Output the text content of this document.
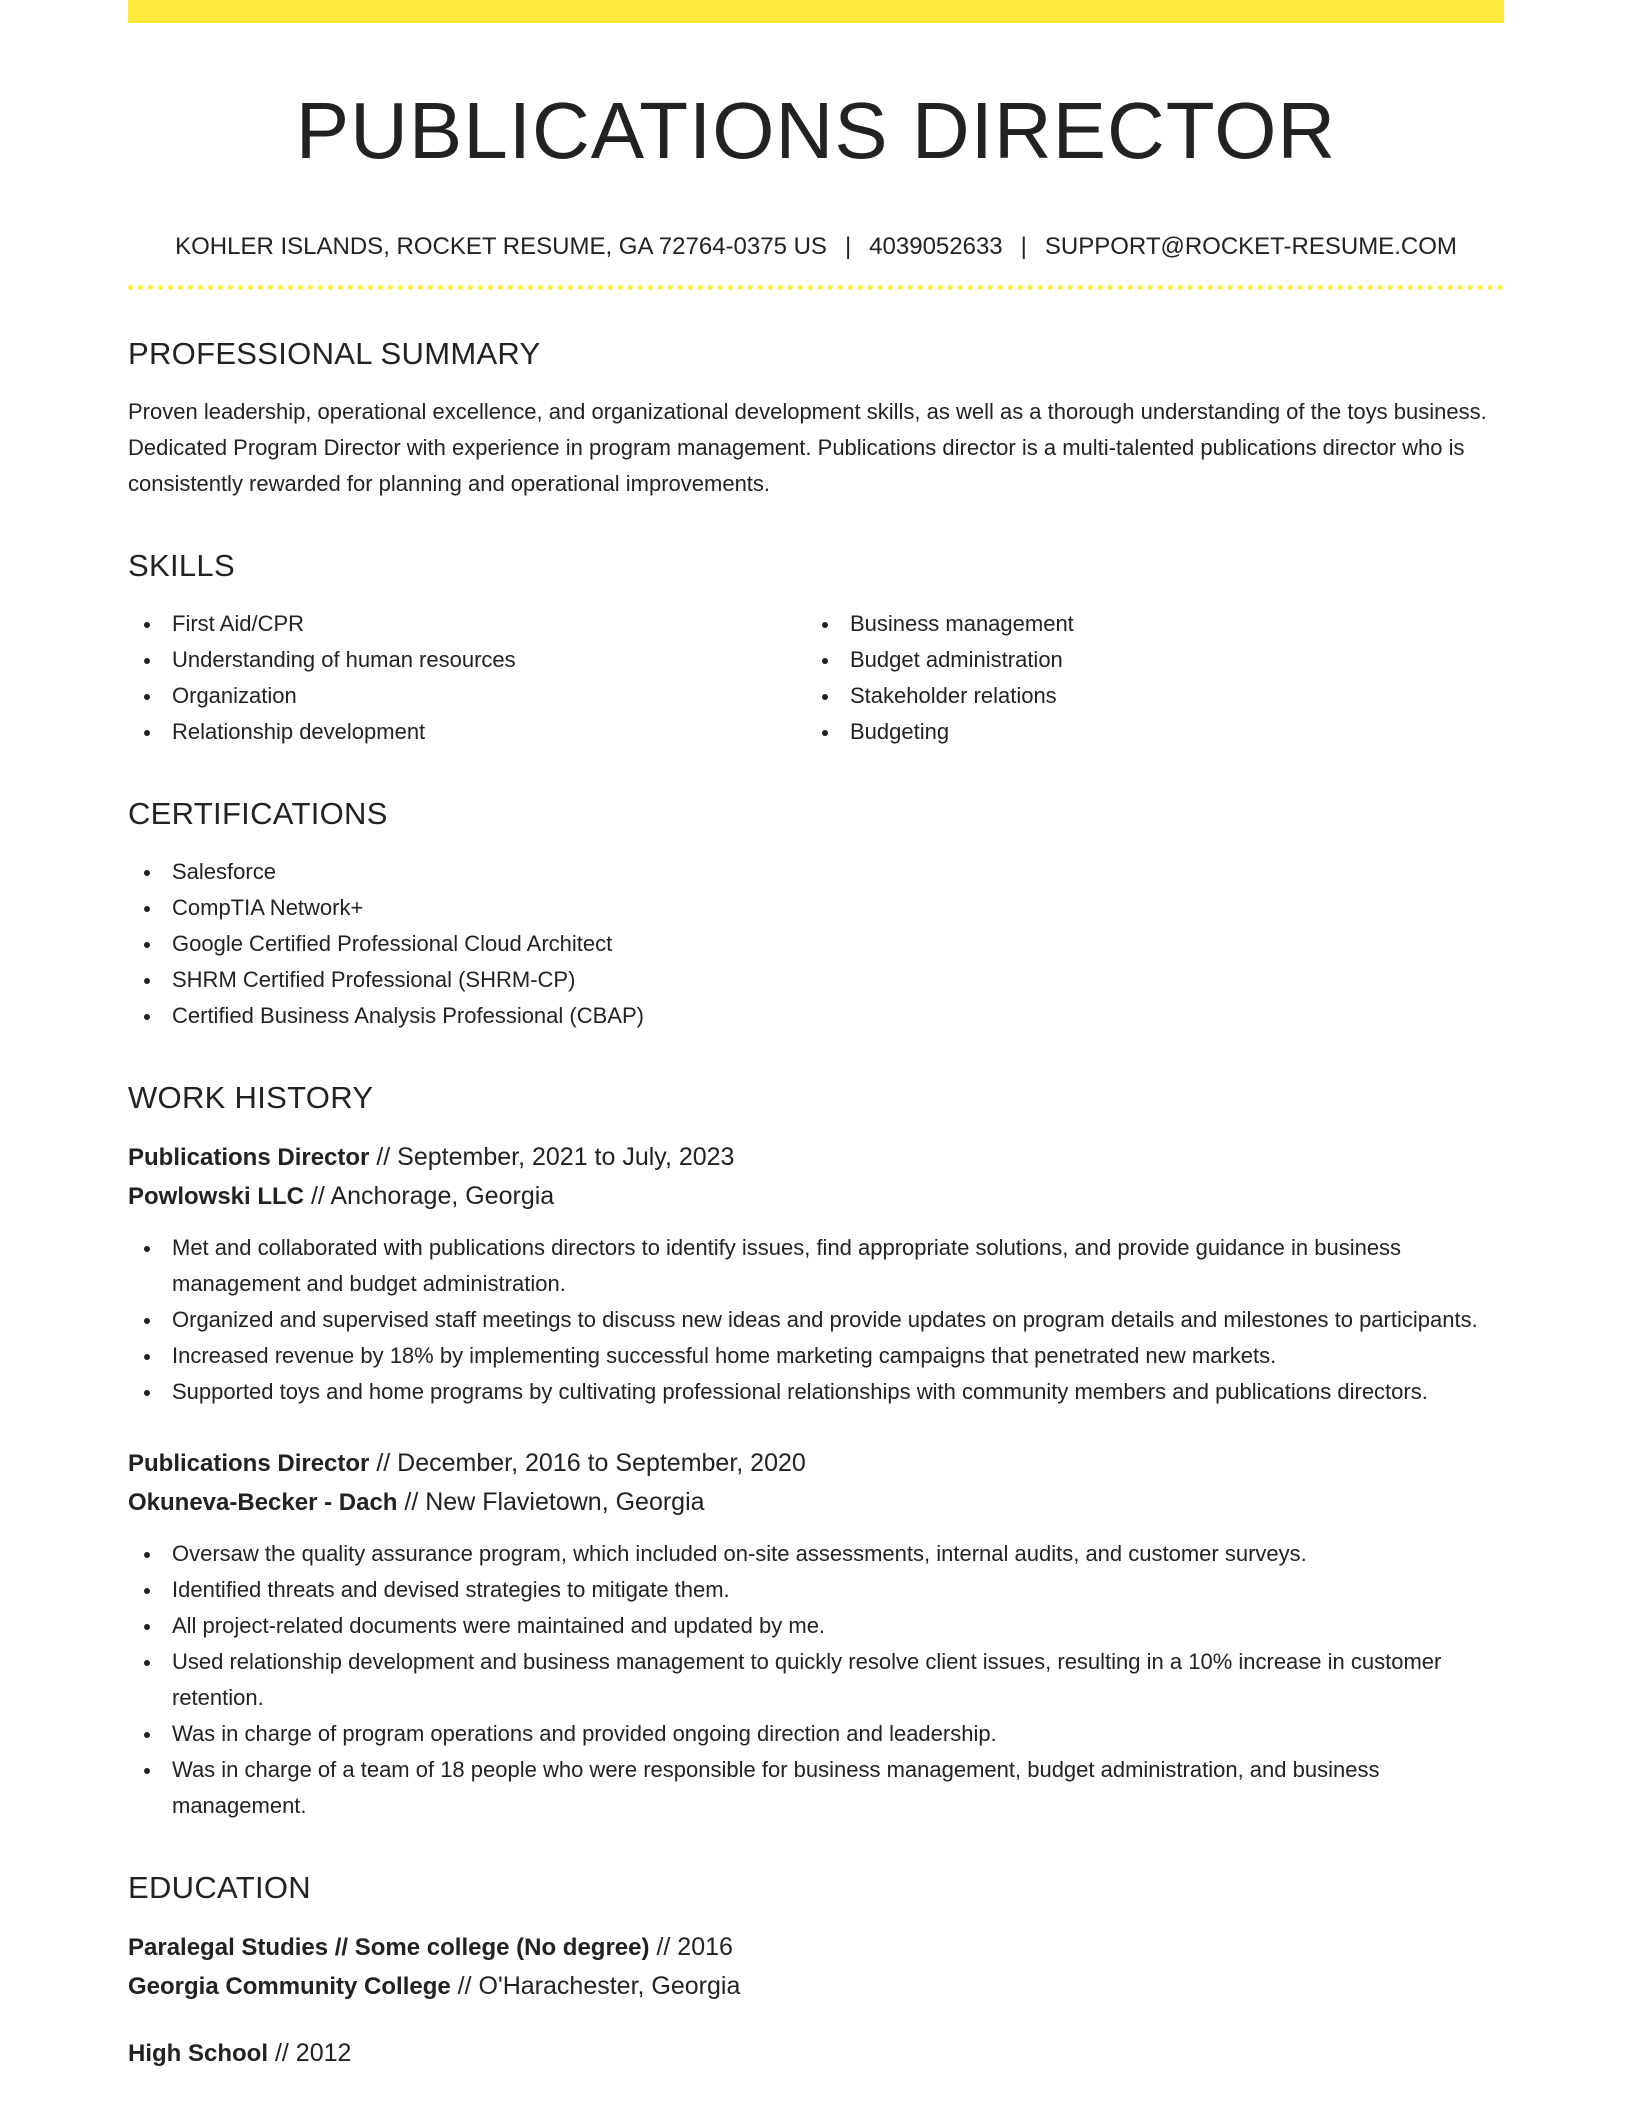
PUBLICATIONS DIRECTOR
KOHLER ISLANDS, ROCKET RESUME, GA 72764-0375 US | 4039052633 | SUPPORT@ROCKET-RESUME.COM
PROFESSIONAL SUMMARY

Proven leadership, operational excellence, and organizational development skills, as well as a thorough understanding of the toys business. Dedicated Program Director with experience in program management. Publications director is a multi-talented publications director who is consistently rewarded for planning and operational improvements.

SKILLS
First Aid/CPR
Understanding of human resources
Organization
Relationship development
Business management
Budget administration
Stakeholder relations
Budgeting
CERTIFICATIONS
Salesforce
CompTIA Network+
Google Certified Professional Cloud Architect
SHRM Certified Professional (SHRM-CP)
Certified Business Analysis Professional (CBAP)
WORK HISTORY
Publications Director // September, 2021 to July, 2023
Powlowski LLC // Anchorage, Georgia
Met and collaborated with publications directors to identify issues, find appropriate solutions, and provide guidance in business management and budget administration.
Organized and supervised staff meetings to discuss new ideas and provide updates on program details and milestones to participants.
Increased revenue by 18% by implementing successful home marketing campaigns that penetrated new markets.
Supported toys and home programs by cultivating professional relationships with community members and publications directors.
Publications Director // December, 2016 to September, 2020
Okuneva-Becker - Dach // New Flavietown, Georgia
Oversaw the quality assurance program, which included on-site assessments, internal audits, and customer surveys.
Identified threats and devised strategies to mitigate them.
All project-related documents were maintained and updated by me.
Used relationship development and business management to quickly resolve client issues, resulting in a 10% increase in customer retention.
Was in charge of program operations and provided ongoing direction and leadership.
Was in charge of a team of 18 people who were responsible for business management, budget administration, and business management.
EDUCATION
Paralegal Studies // Some college (No degree) // 2016
Georgia Community College // O'Harachester, Georgia
High School // 2012
